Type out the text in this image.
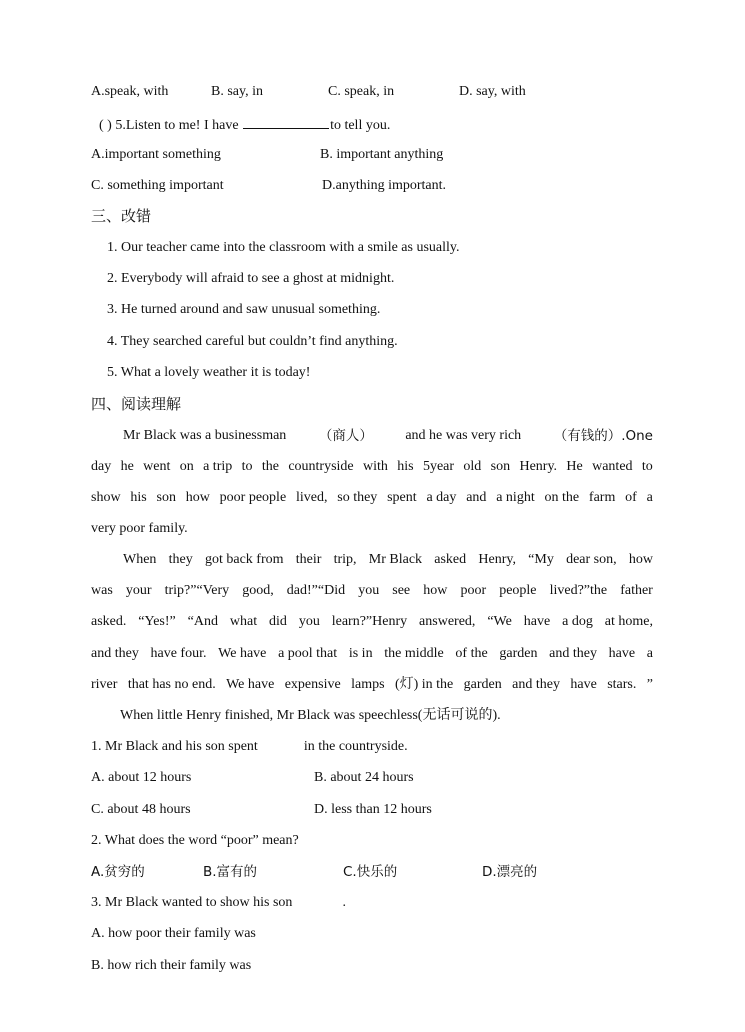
A.speak, with	B. say, in	C. speak, in	D. say, with
( ) 5.Listen to me! I have	to tell you.
A.important something	B. important anything
C. something important	D.anything important.
三、改错
1. Our teacher came into the classroom with a smile as usually.
2. Everybody will afraid to see a ghost at midnight.
3. He turned around and saw unusual something.
4. They searched careful but couldn’t find anything.
5. What a lovely weather it is today!
四、阅读理解
Mr Black was a businessman （商人） and he was very rich （有钱的）.One
day he went on a trip to the countryside with his 5year old son Henry. He wanted to
show his son how poor people lived, so they spent a day and a night on the farm of a
very poor family.
When they got back from their trip, Mr Black asked Henry, “My dear son, how
was your trip?”“Very good, dad!”“Did you see how poor people lived?”the father
asked. “Yes!” “And what did you learn?”Henry answered, “We have a dog at home,
and they have four. We have a pool that is in the middle of the garden and they have a
river that has no end. We have expensive lamps (灯) in the garden and they have stars. ”
When little Henry finished, Mr Black was speechless(无话可说的).
1. Mr Black and his son spent	in the countryside.
A. about 12 hours	B. about 24 hours
C. about 48 hours	D. less than 12 hours
2. What does the word “poor” mean?
A.贫穷的	B.富有的	C.快乐的	D.漂亮的
3. Mr Black wanted to show his son	.
A. how poor their family was
B. how rich their family was
